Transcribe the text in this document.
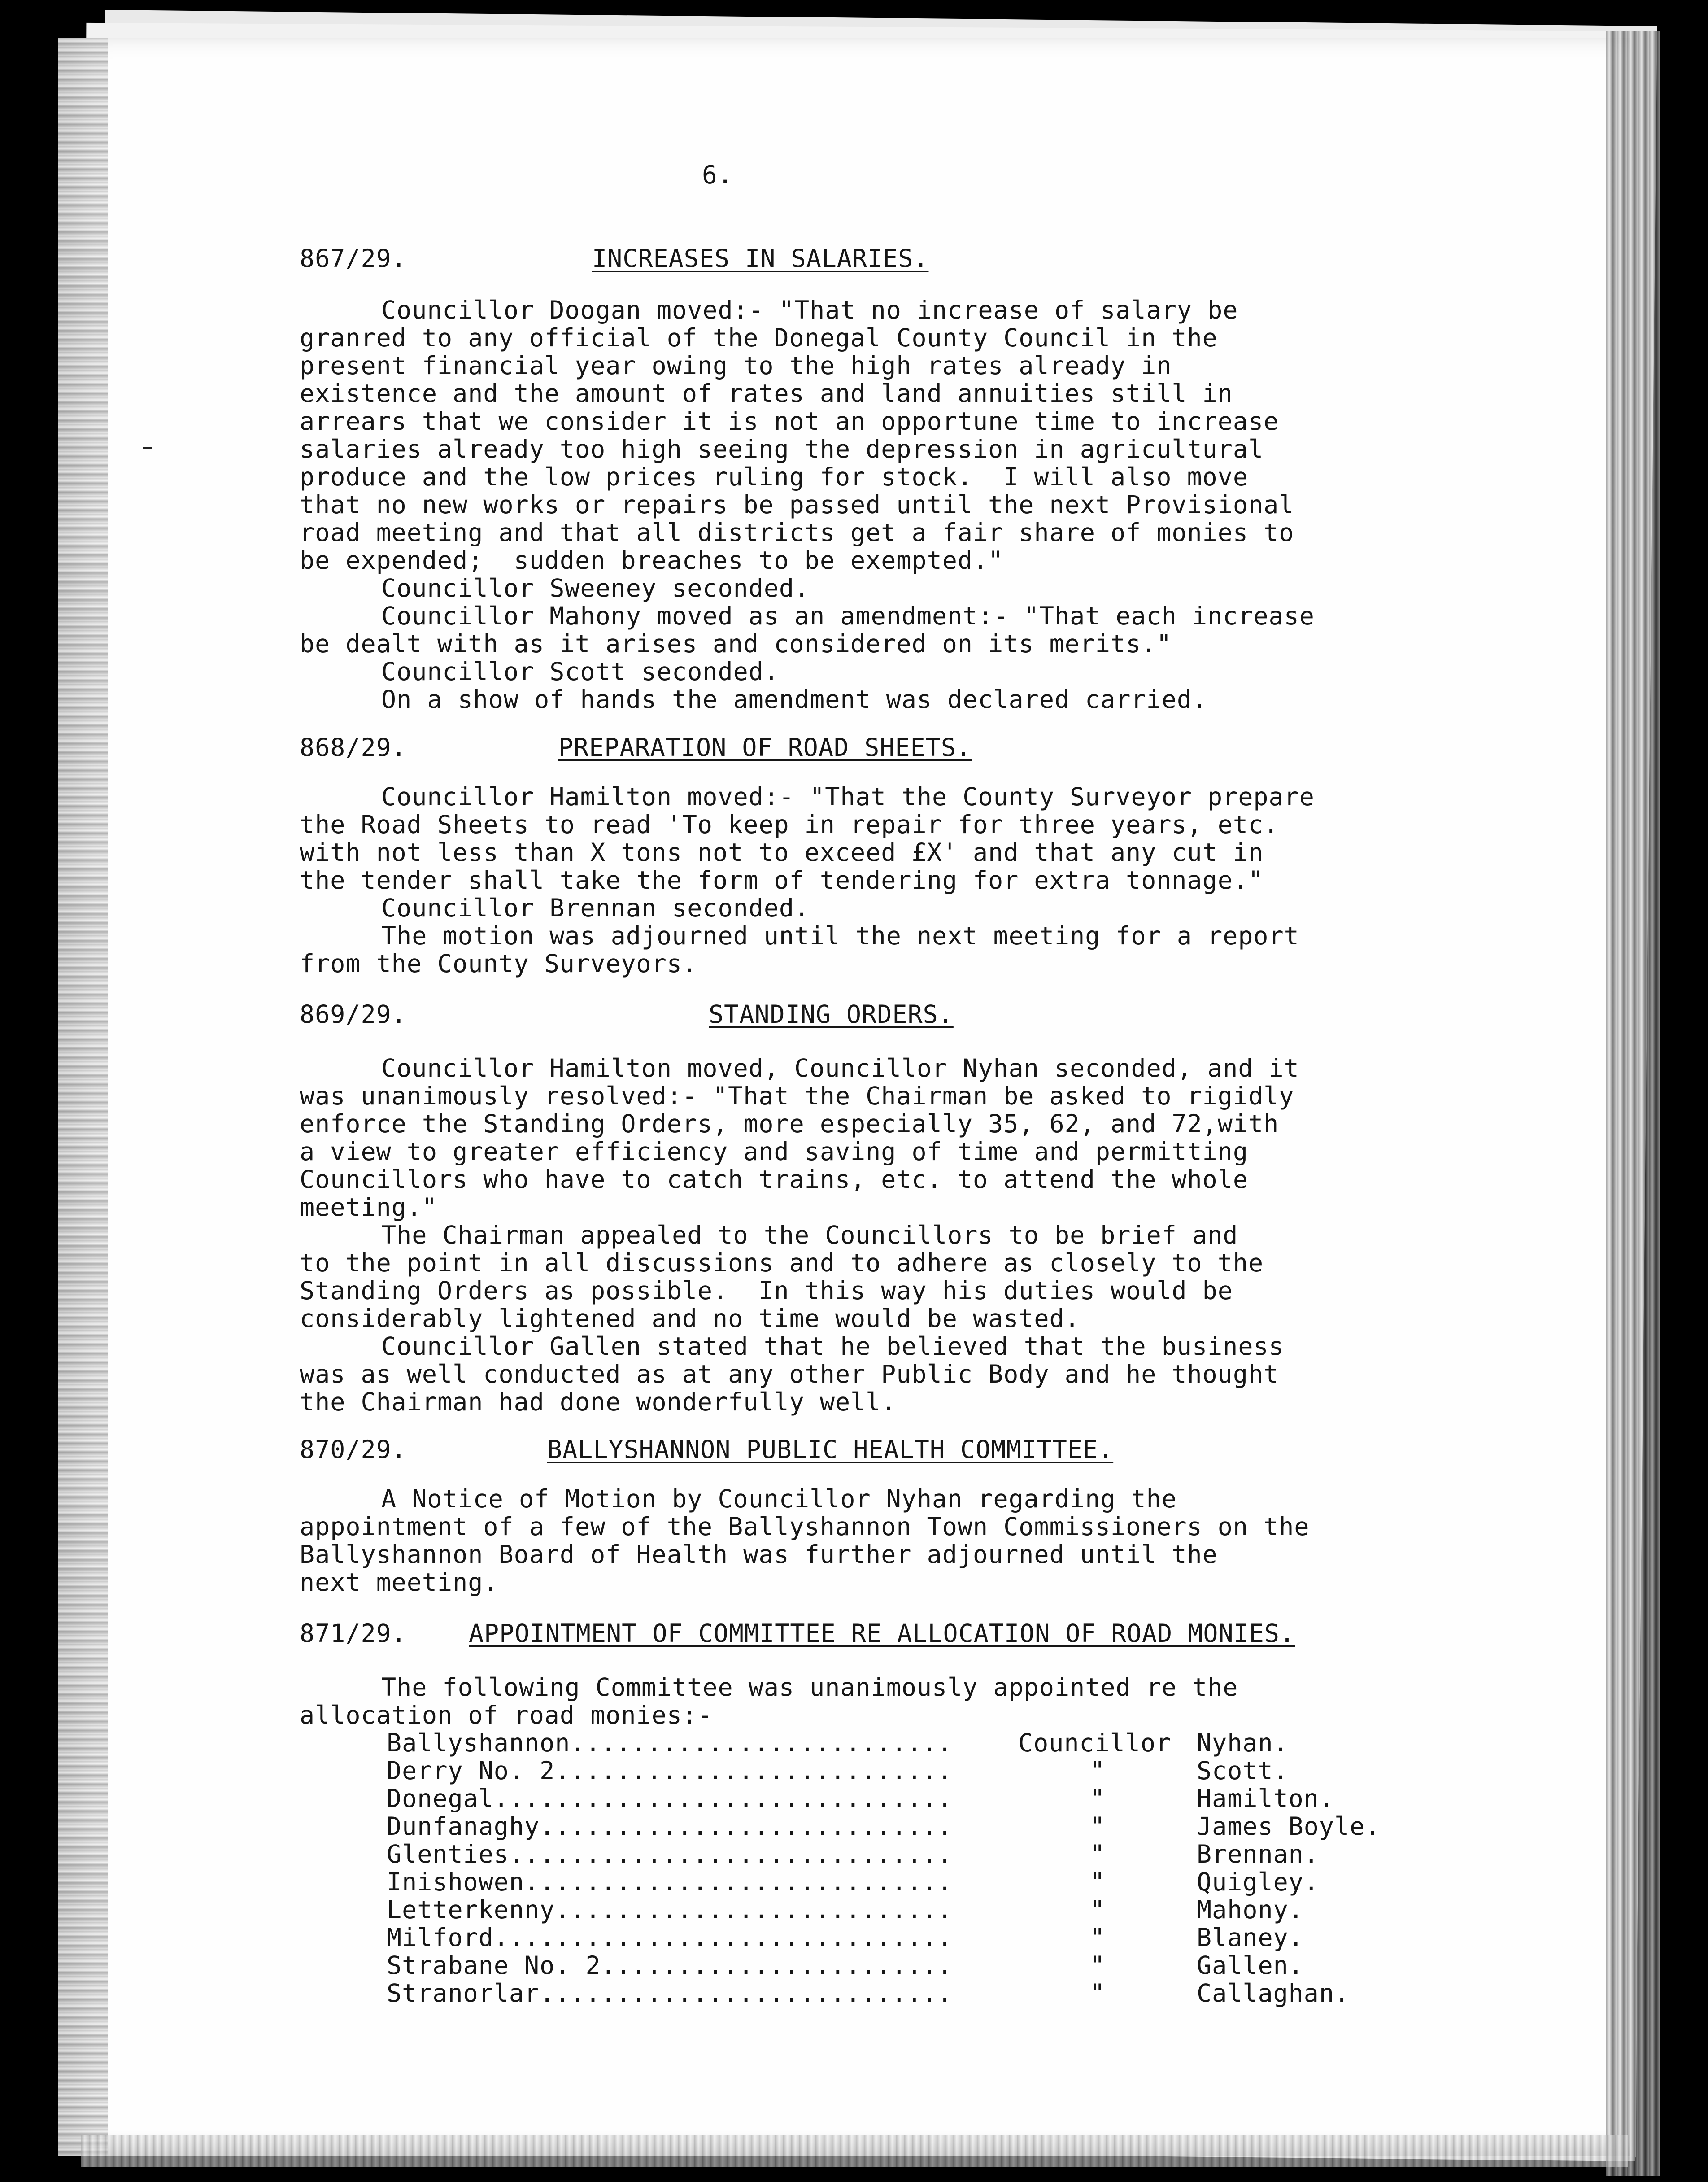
6.
867/29.	INCREASES IN SALARIES.
Councillor Doogan moved:- "That no increase of salary be
granred to any official of the Donegal County Council in the
present financial year owing to the high rates already in
existence and the amount of rates and land annuities still in
arrears that we consider it is not an opportune time to increase
salaries already too high seeing the depression in agricultural
produce and the low prices ruling for stock.  I will also move
that no new works or repairs be passed until the next Provisional
road meeting and that all districts get a fair share of monies to
be expended;  sudden breaches to be exempted."
Councillor Sweeney seconded.
Councillor Mahony moved as an amendment:- "That each increase
be dealt with as it arises and considered on its merits."
Councillor Scott seconded.
On a show of hands the amendment was declared carried.
868/29.	PREPARATION OF ROAD SHEETS.
Councillor Hamilton moved:- "That the County Surveyor prepare
the Road Sheets to read 'To keep in repair for three years, etc.
with not less than X tons not to exceed £X' and that any cut in
the tender shall take the form of tendering for extra tonnage."
Councillor Brennan seconded.
The motion was adjourned until the next meeting for a report
from the County Surveyors.
869/29.	STANDING ORDERS.
Councillor Hamilton moved, Councillor Nyhan seconded, and it
was unanimously resolved:- "That the Chairman be asked to rigidly
enforce the Standing Orders, more especially 35, 62, and 72,with
a view to greater efficiency and saving of time and permitting
Councillors who have to catch trains, etc. to attend the whole
meeting."
The Chairman appealed to the Councillors to be brief and
to the point in all discussions and to adhere as closely to the
Standing Orders as possible.  In this way his duties would be
considerably lightened and no time would be wasted.
Councillor Gallen stated that he believed that the business
was as well conducted as at any other Public Body and he thought
the Chairman had done wonderfully well.
870/29.	BALLYSHANNON PUBLIC HEALTH COMMITTEE.
A Notice of Motion by Councillor Nyhan regarding the
appointment of a few of the Ballyshannon Town Commissioners on the
Ballyshannon Board of Health was further adjourned until the
next meeting.
871/29.	APPOINTMENT OF COMMITTEE RE ALLOCATION OF ROAD MONIES.
The following Committee was unanimously appointed re the
allocation of road monies:-
Ballyshannon.........................	Councillor Nyhan.
Derry No. 2..........................	"	Scott.
Donegal..............................	"	Hamilton.
Dunfanaghy...........................	"	James Boyle.
Glenties.............................	"	Brennan.
Inishowen............................	"	Quigley.
Letterkenny..........................	"	Mahony.
Milford..............................	"	Blaney.
Strabane No. 2.......................	"	Gallen.
Stranorlar...........................	"	Callaghan.
